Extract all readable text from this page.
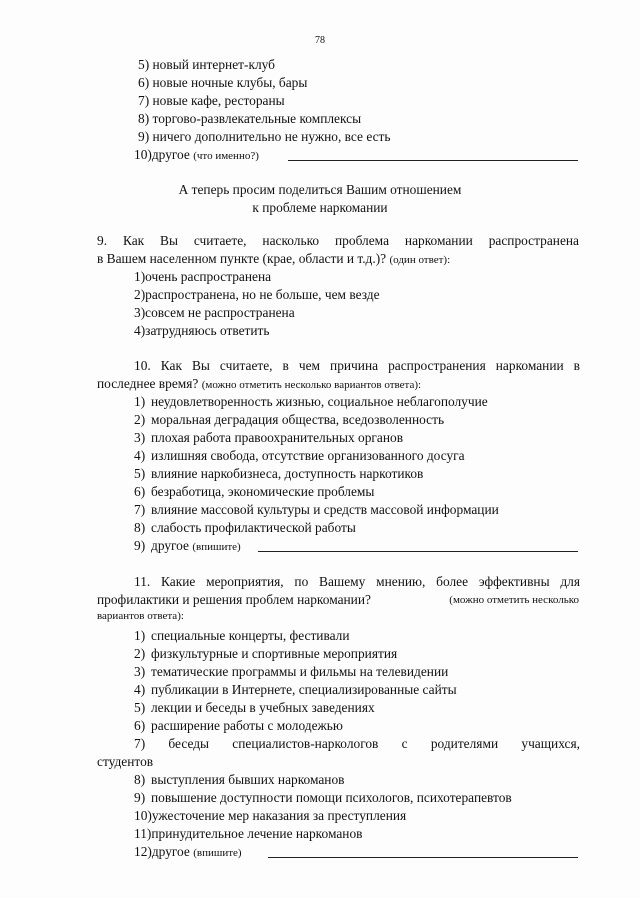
78
5) новый интернет-клуб
6) новые ночные клубы, бары
7) новые кафе, рестораны
8) торгово-развлекательные комплексы
9) ничего дополнительно не нужно, все есть
10)другое (что именно?)
А теперь просим поделиться Вашим отношением
к проблеме наркомании
9. Как Вы считаете, насколько проблема наркомании распространена
в Вашем населенном пункте (крае, области и т.д.)? (один ответ):
1)очень распространена
2)распространена, но не больше, чем везде
3)совсем не распространена
4)затрудняюсь ответить
10. Как Вы считаете, в чем причина распространения наркомании в
последнее время? (можно отметить несколько вариантов ответа):
1) неудовлетворенность жизнью, социальное неблагополучие
2) моральная деградация общества, вседозволенность
3) плохая работа правоохранительных органов
4) излишняя свобода, отсутствие организованного досуга
5) влияние наркобизнеса, доступность наркотиков
6) безработица, экономические проблемы
7) влияние массовой культуры и средств массовой информации
8) слабость профилактической работы
9) другое (впишите)
11. Какие мероприятия, по Вашему мнению, более эффективны для
профилактики и решения проблем наркомании?	(можно отметить несколько
вариантов ответа):
1) специальные концерты, фестивали
2) физкультурные и спортивные мероприятия
3) тематические программы и фильмы на телевидении
4) публикации в Интернете, специализированные сайты
5) лекции и беседы в учебных заведениях
6) расширение работы с молодежью
7) беседы специалистов-наркологов с родителями учащихся,
студентов
8) выступления бывших наркоманов
9) повышение доступности помощи психологов, психотерапевтов
10)ужесточение мер наказания за преступления
11)принудительное лечение наркоманов
12)другое (впишите)
